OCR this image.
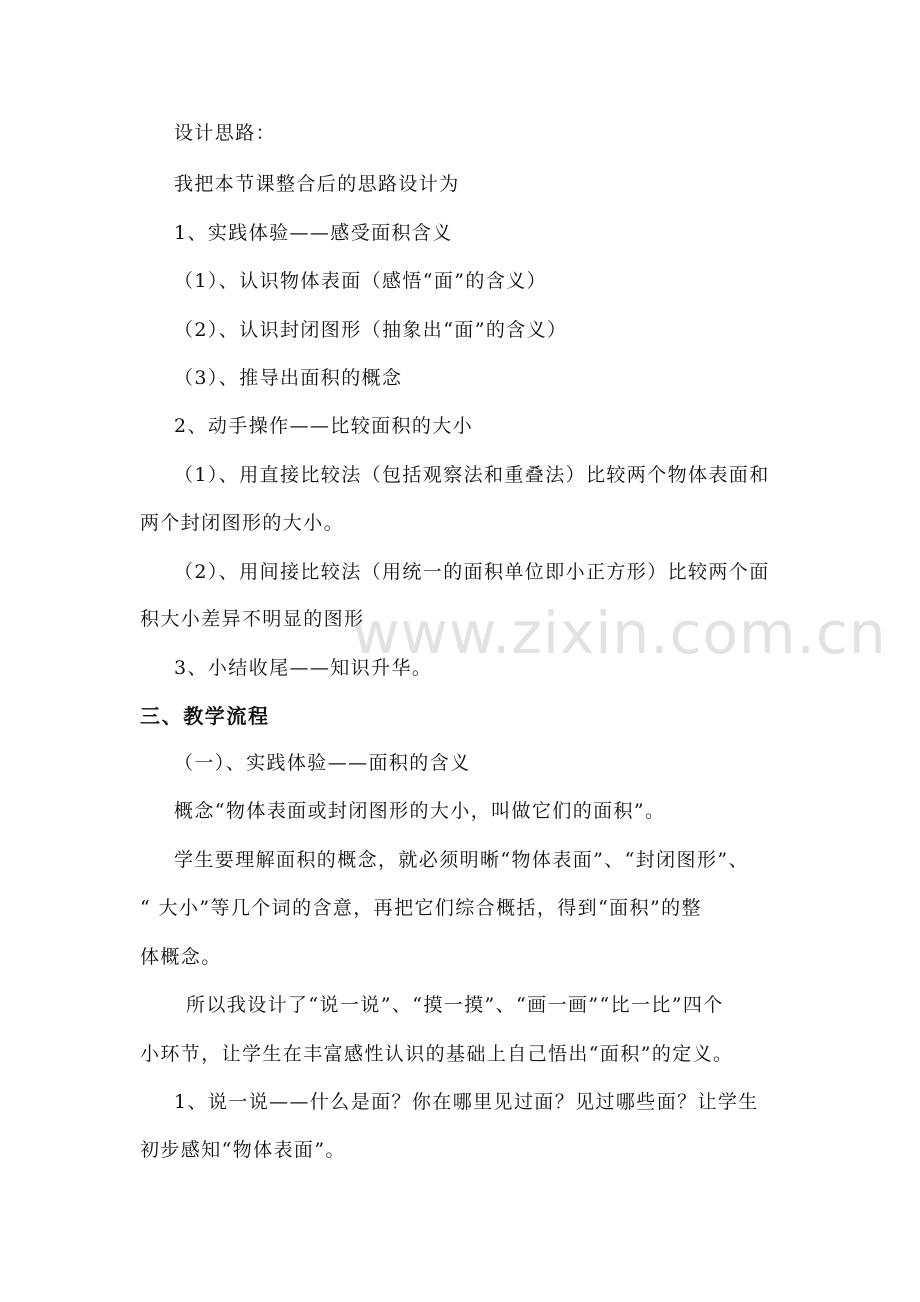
设计思路：
我把本节课整合后的思路设计为
1、实践体验——感受面积含义
（1）、认识物体表面（感悟“面”的含义）
（2）、认识封闭图形（抽象出“面”的含义）
（3）、推导出面积的概念
2、动手操作——比较面积的大小
（1）、用直接比较法（包括观察法和重叠法）比较两个物体表面和
两个封闭图形的大小。
（2）、用间接比较法（用统一的面积单位即小正方形）比较两个面
积大小差异不明显的图形
3、小结收尾——知识升华。
三、教学流程
（一）、实践体验——面积的含义
概念“物体表面或封闭图形的大小，叫做它们的面积”。
学生要理解面积的概念，就必须明晰“物体表面”、“封闭图形”、
“ 大小”等几个词的含意，再把它们综合概括，得到“面积”的整
体概念。
所以我设计了“说一说”、“摸一摸”、“画一画”“比一比”四个
小环节，让学生在丰富感性认识的基础上自己悟出“面积”的定义。
1、说一说——什么是面？你在哪里见过面？见过哪些面？让学生
初步感知“物体表面”。
www.zixin.com.cn
